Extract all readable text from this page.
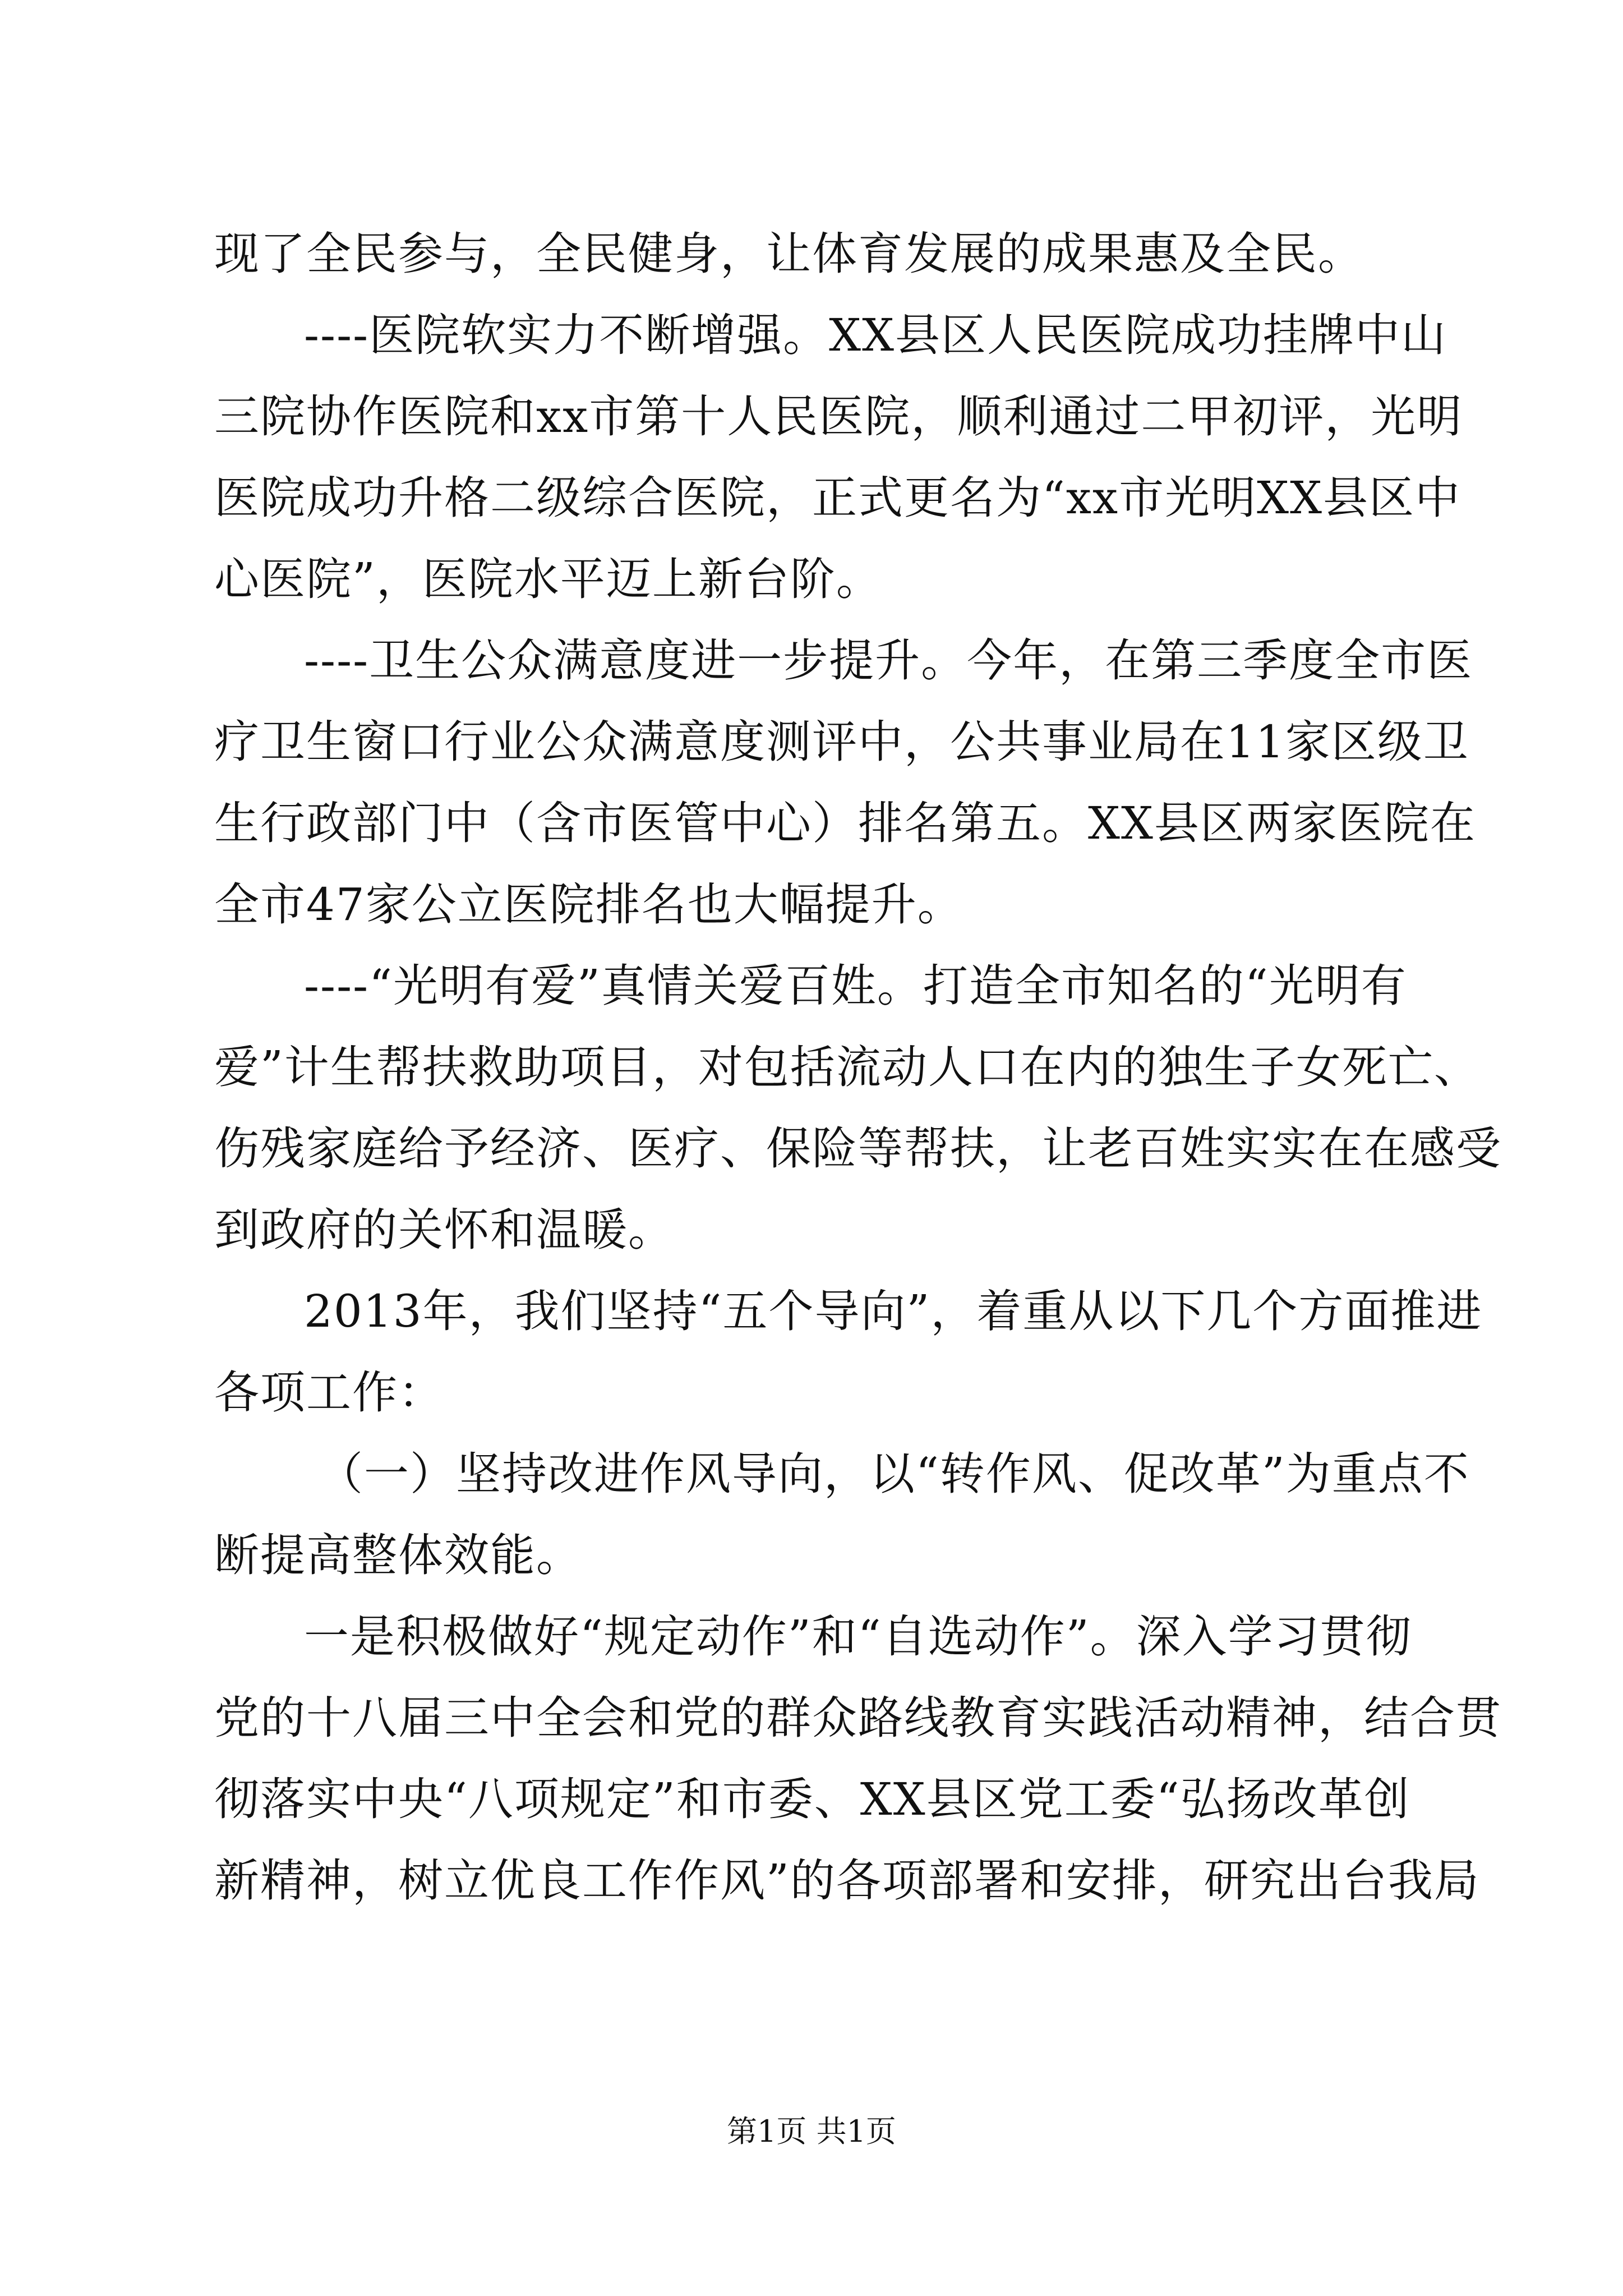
现了全民参与，全民健身，让体育发展的成果惠及全民。
----医院软实力不断增强。XX县区人民医院成功挂牌中山
三院协作医院和xx市第十人民医院，顺利通过二甲初评，光明
医院成功升格二级综合医院，正式更名为“xx市光明XX县区中
心医院”，医院水平迈上新台阶。
----卫生公众满意度进一步提升。今年，在第三季度全市医
疗卫生窗口行业公众满意度测评中，公共事业局在11家区级卫
生行政部门中（含市医管中心）排名第五。XX县区两家医院在
全市47家公立医院排名也大幅提升。
----“光明有爱”真情关爱百姓。打造全市知名的“光明有
爱”计生帮扶救助项目，对包括流动人口在内的独生子女死亡、
伤残家庭给予经济、医疗、保险等帮扶，让老百姓实实在在感受
到政府的关怀和温暖。
2013年，我们坚持“五个导向”，着重从以下几个方面推进
各项工作：
（一）坚持改进作风导向，以“转作风、促改革”为重点不
断提高整体效能。
一是积极做好“规定动作”和“自选动作”。深入学习贯彻
党的十八届三中全会和党的群众路线教育实践活动精神，结合贯
彻落实中央“八项规定”和市委、XX县区党工委“弘扬改革创
新精神，树立优良工作作风”的各项部署和安排，研究出台我局
第1页 共1页
